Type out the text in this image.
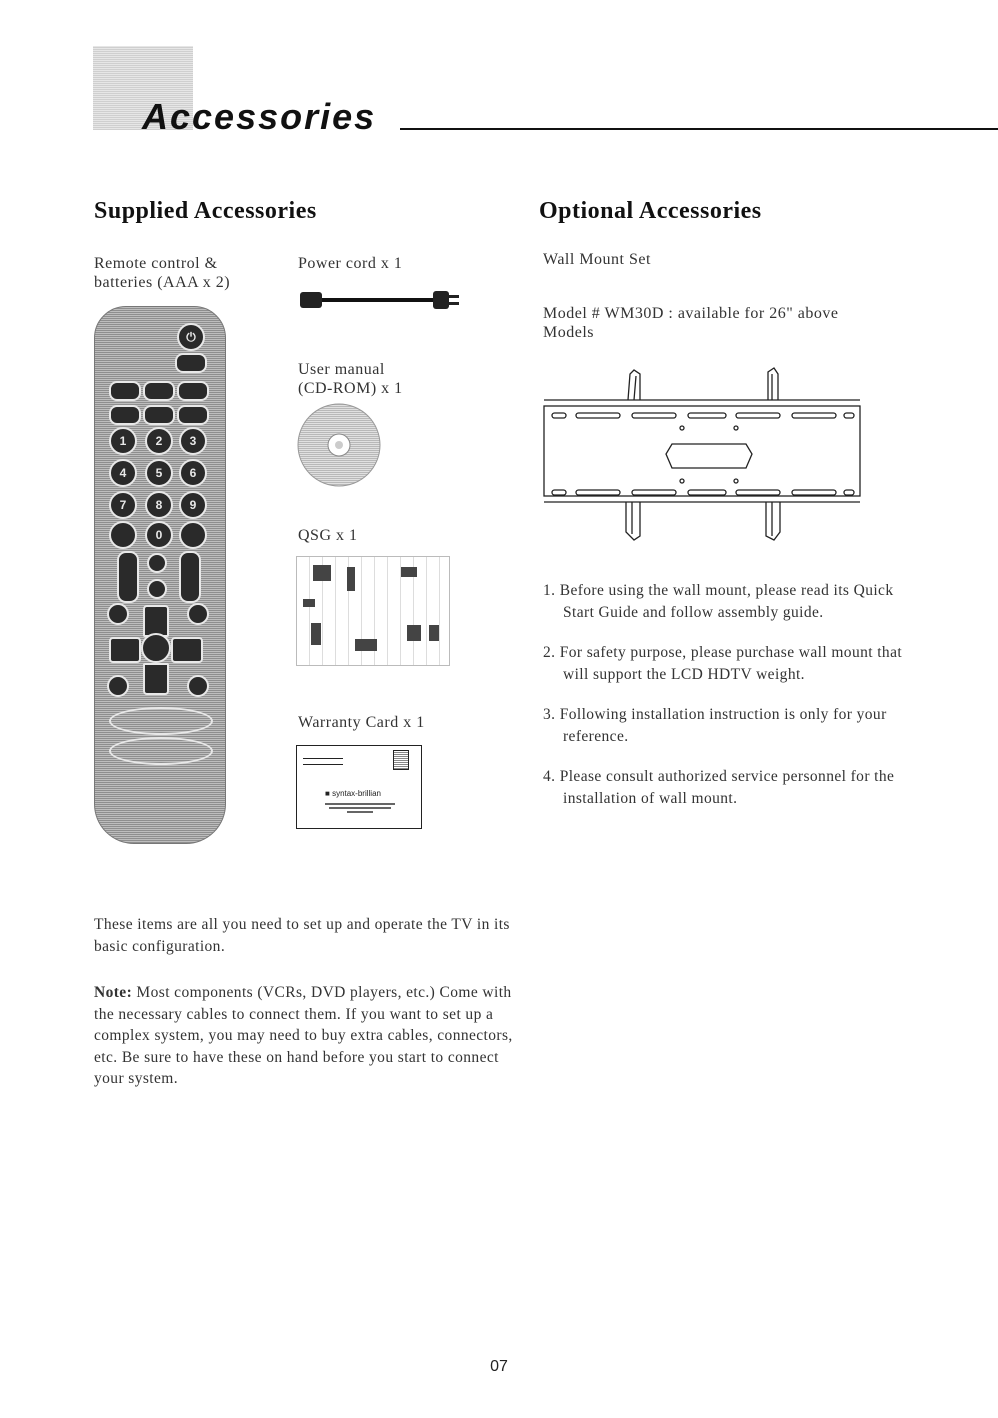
Accessories
Supplied Accessories	Optional Accessories
Remote control &
batteries (AAA x 2)
Power cord x 1
User manual
(CD-ROM) x 1
QSG x 1
Warranty Card x 1
⏻
1	2	3
4	5	6
7	8	9
0
■ syntax-brillian
Wall Mount Set
Model # WM30D : available for 26" above
Models
1. Before using the wall mount, please read its Quick Start Guide and follow assembly guide.
2. For safety purpose, please purchase wall mount that will support the LCD HDTV weight.
3. Following installation instruction is only for your reference.
4. Please consult authorized service personnel for the installation of wall mount.
These items are all you need to set up and operate the TV in its basic configuration.
Note: Most components (VCRs, DVD players, etc.) Come with the necessary cables to connect them. If you want to set up a complex system, you may need to buy extra cables, connectors, etc. Be sure to have these on hand before you start to connect your system.
07
